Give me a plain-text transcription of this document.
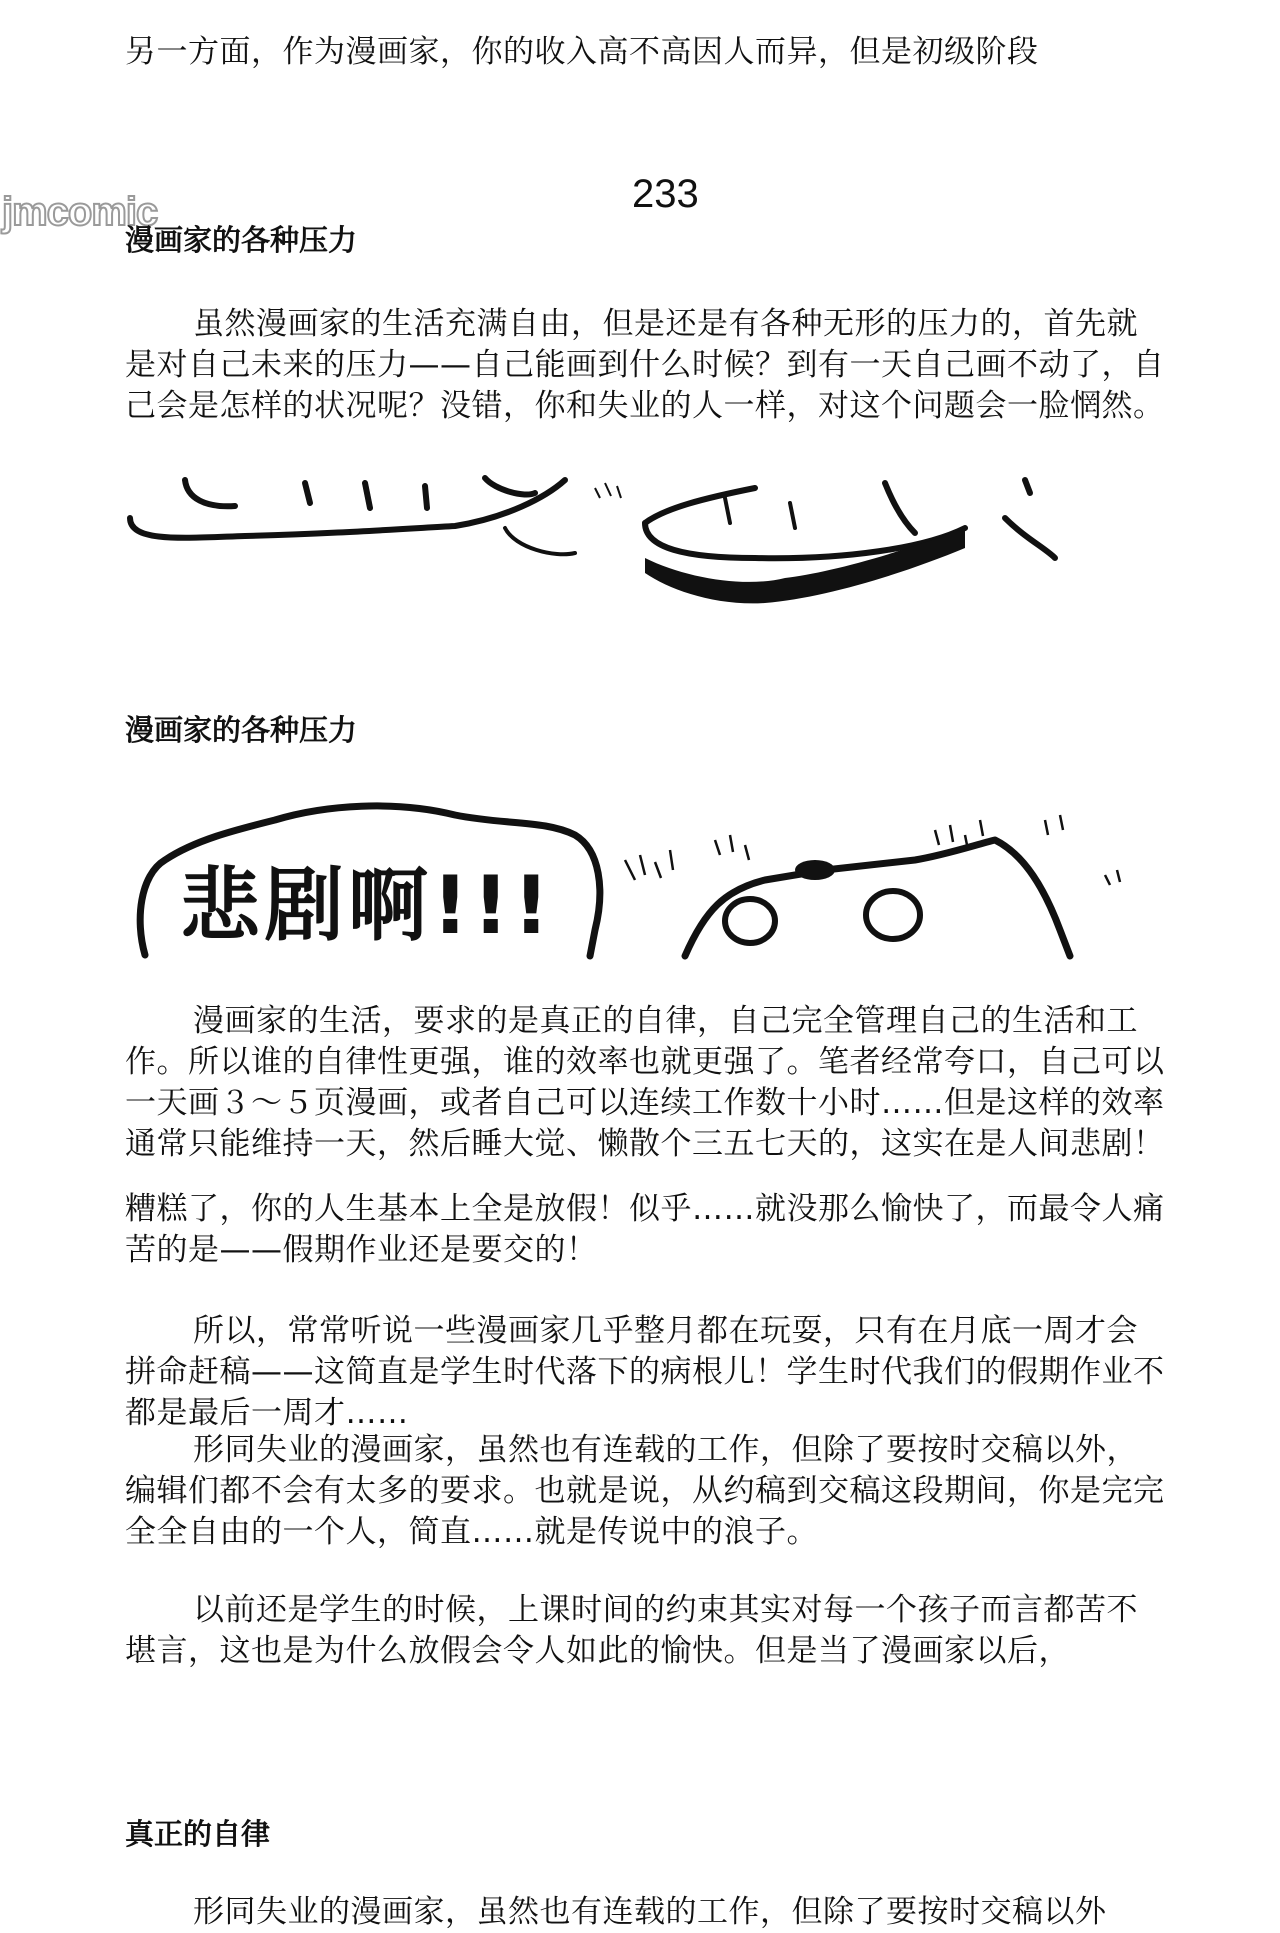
另一方面，作为漫画家，你的收入高不高因人而异，但是初级阶段

jmcomic	233
漫画家的各种压力

虽然漫画家的生活充满自由，但是还是有各种无形的压力的，首先就是对自己未来的压力——自己能画到什么时候？到有一天自己画不动了，自己会是怎样的状况呢？没错，你和失业的人一样，对这个问题会一脸惘然。

漫画家的各种压力
悲剧啊!!!

漫画家的生活，要求的是真正的自律，自己完全管理自己的生活和工作。所以谁的自律性更强，谁的效率也就更强了。笔者经常夸口，自己可以一天画３～５页漫画，或者自己可以连续工作数十小时……但是这样的效率通常只能维持一天，然后睡大觉、懒散个三五七天的，这实在是人间悲剧！

糟糕了，你的人生基本上全是放假！似乎……就没那么愉快了，而最令人痛苦的是——假期作业还是要交的！

所以，常常听说一些漫画家几乎整月都在玩耍，只有在月底一周才会拼命赶稿——这简直是学生时代落下的病根儿！学生时代我们的假期作业不都是最后一周才……

形同失业的漫画家，虽然也有连载的工作，但除了要按时交稿以外，编辑们都不会有太多的要求。也就是说，从约稿到交稿这段期间，你是完完全全自由的一个人，简直……就是传说中的浪子。

以前还是学生的时候，上课时间的约束其实对每一个孩子而言都苦不堪言，这也是为什么放假会令人如此的愉快。但是当了漫画家以后，

真正的自律

形同失业的漫画家，虽然也有连载的工作，但除了要按时交稿以外
